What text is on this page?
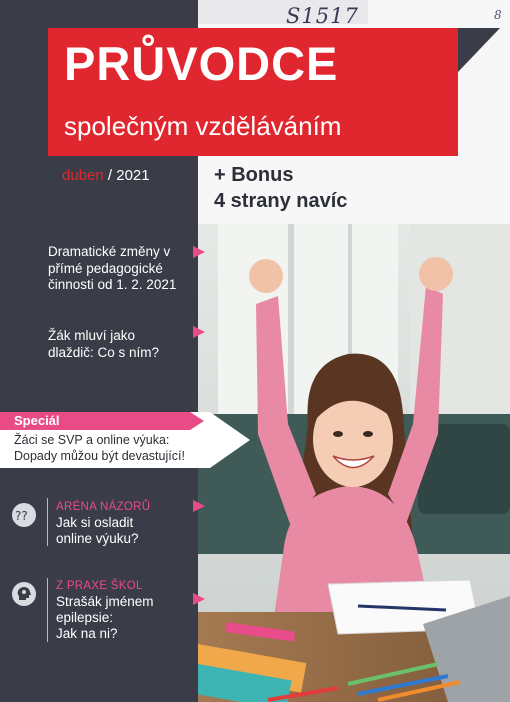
S1517	8
PRŮVODCE
společným vzděláváním
duben / 2021	+ Bonus
4 strany navíc
Dramatické změny v přímé pedagogické činnosti od 1. 2. 2021
Žák mluví jako dlaždič: Co s ním?
Speciál
Žáci se SVP a online výuka:
Dopady můžou být devastující!
??
ARÉNA NÁZORŮ
Jak si osladit
online výuku?
Z PRAXE ŠKOL
Strašák jménem
epilepsie:
Jak na ni?
